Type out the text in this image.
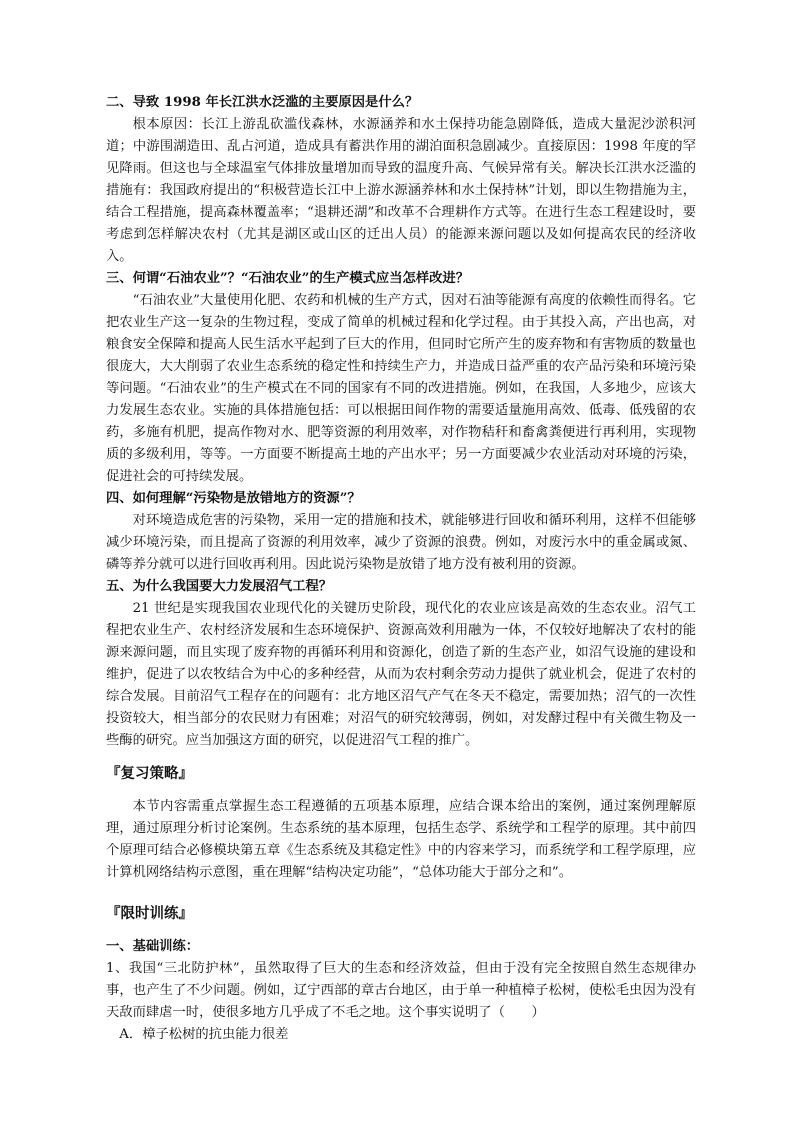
二、导致 1998 年长江洪水泛滥的主要原因是什么？

根本原因：长江上游乱砍滥伐森林，水源涵养和水土保持功能急剧降低，造成大量泥沙淤积河道；中游围湖造田、乱占河道，造成具有蓄洪作用的湖泊面积急剧减少。直接原因：1998 年度的罕见降雨。但这也与全球温室气体排放量增加而导致的温度升高、气候异常有关。解决长江洪水泛滥的措施有：我国政府提出的“积极营造长江中上游水源涵养林和水土保持林”计划，即以生物措施为主，结合工程措施，提高森林覆盖率；“退耕还湖”和改革不合理耕作方式等。在进行生态工程建设时，要考虑到怎样解决农村（尤其是湖区或山区的迁出人员）的能源来源问题以及如何提高农民的经济收入。

三、何谓“石油农业”？“石油农业”的生产模式应当怎样改进？

“石油农业”大量使用化肥、农药和机械的生产方式，因对石油等能源有高度的依赖性而得名。它把农业生产这一复杂的生物过程，变成了简单的机械过程和化学过程。由于其投入高，产出也高，对粮食安全保障和提高人民生活水平起到了巨大的作用，但同时它所产生的废弃物和有害物质的数量也很庞大，大大削弱了农业生态系统的稳定性和持续生产力，并造成日益严重的农产品污染和环境污染等问题。“石油农业”的生产模式在不同的国家有不同的改进措施。例如，在我国，人多地少，应该大力发展生态农业。实施的具体措施包括：可以根据田间作物的需要适量施用高效、低毒、低残留的农药，多施有机肥，提高作物对水、肥等资源的利用效率，对作物秸秆和畜禽粪便进行再利用，实现物质的多级利用，等等。一方面要不断提高土地的产出水平；另一方面要减少农业活动对环境的污染，促进社会的可持续发展。

四、如何理解“污染物是放错地方的资源”？

对环境造成危害的污染物，采用一定的措施和技术，就能够进行回收和循环利用，这样不但能够减少环境污染，而且提高了资源的利用效率，减少了资源的浪费。例如，对废污水中的重金属或氮、磷等养分就可以进行回收再利用。因此说污染物是放错了地方没有被利用的资源。

五、为什么我国要大力发展沼气工程？

21 世纪是实现我国农业现代化的关键历史阶段，现代化的农业应该是高效的生态农业。沼气工程把农业生产、农村经济发展和生态环境保护、资源高效利用融为一体，不仅较好地解决了农村的能源来源问题，而且实现了废弃物的再循环利用和资源化，创造了新的生态产业，如沼气设施的建设和维护，促进了以农牧结合为中心的多种经营，从而为农村剩余劳动力提供了就业机会，促进了农村的综合发展。目前沼气工程存在的问题有：北方地区沼气产气在冬天不稳定，需要加热；沼气的一次性投资较大，相当部分的农民财力有困难；对沼气的研究较薄弱，例如，对发酵过程中有关微生物及一些酶的研究。应当加强这方面的研究，以促进沼气工程的推广。

『复习策略』

本节内容需重点掌握生态工程遵循的五项基本原理，应结合课本给出的案例，通过案例理解原理，通过原理分析讨论案例。生态系统的基本原理，包括生态学、系统学和工程学的原理。其中前四个原理可结合必修模块第五章《生态系统及其稳定性》中的内容来学习，而系统学和工程学原理，应计算机网络结构示意图，重在理解“结构决定功能”，“总体功能大于部分之和”。

『限时训练』

一、基础训练：

1、我国“三北防护林”，虽然取得了巨大的生态和经济效益，但由于没有完全按照自然生态规律办事，也产生了不少问题。例如，辽宁西部的章古台地区，由于单一种植樟子松树，使松毛虫因为没有天敌而肆虐一时，使很多地方几乎成了不毛之地。这个事实说明了（　　）

A．樟子松树的抗虫能力很差
